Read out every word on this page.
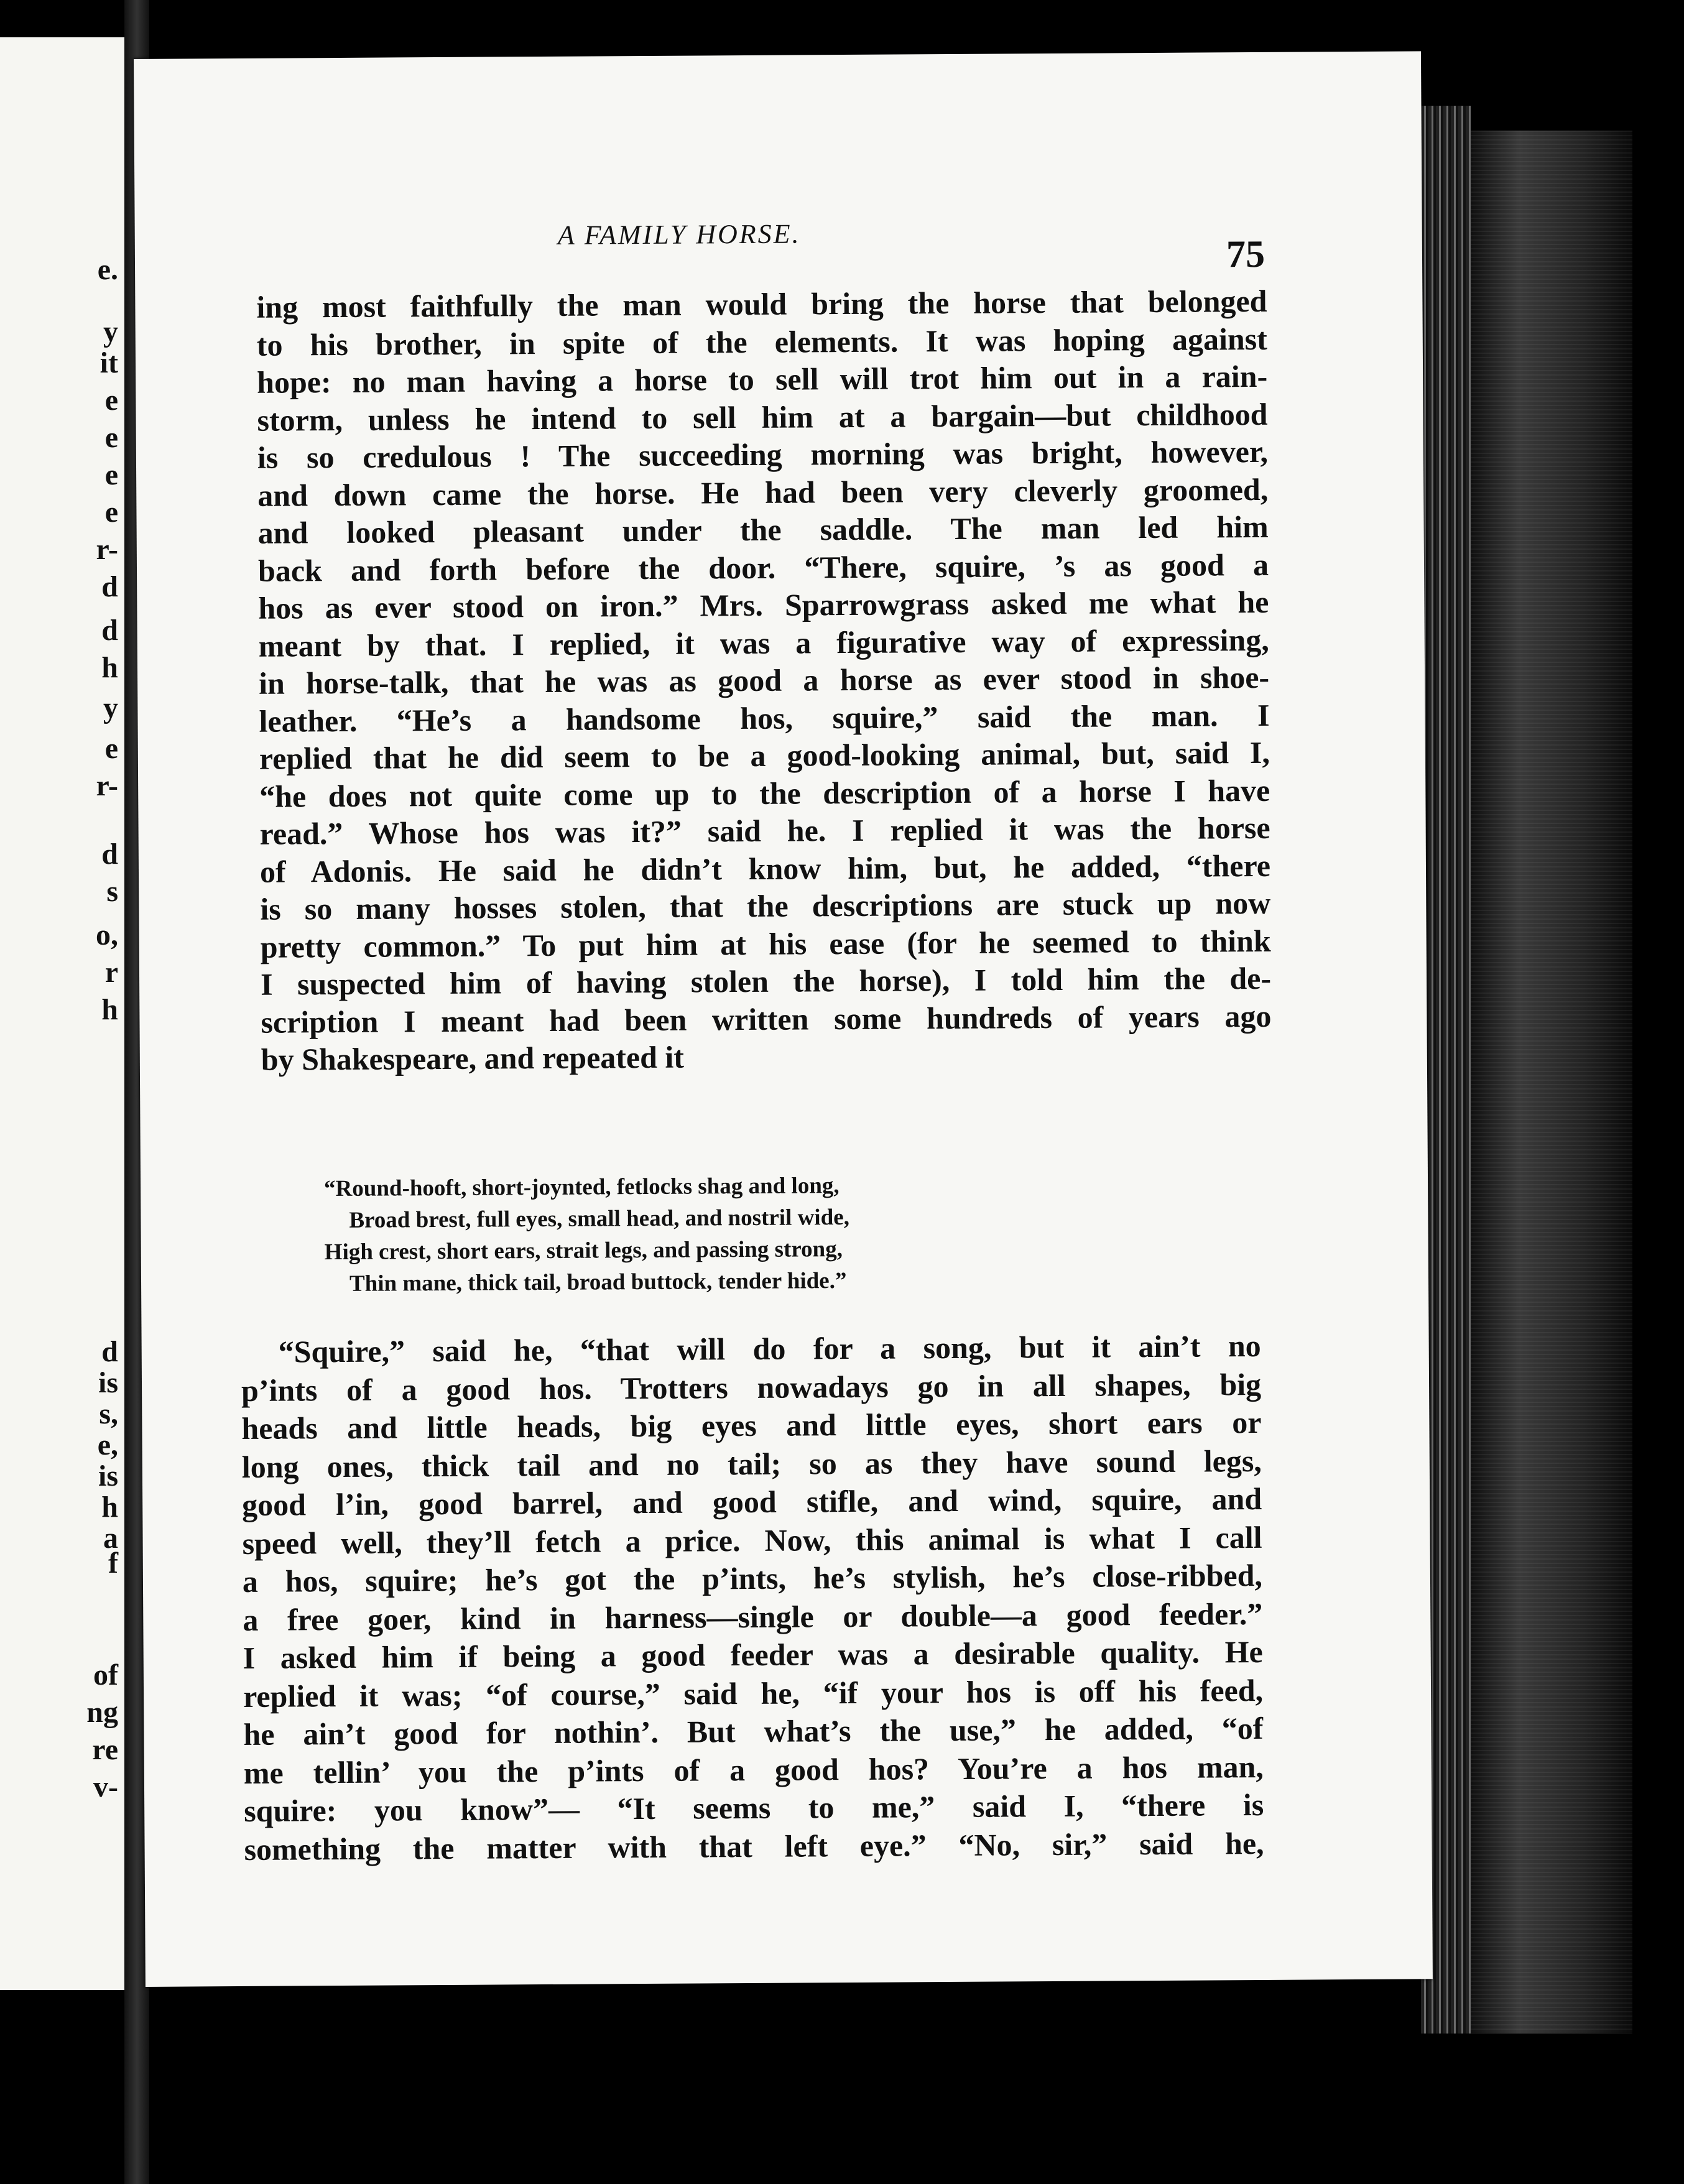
e.
y
it
e
e
e
e
r-
d
d
h
y
e
r-
d
s
o,
r
h
d
is
s,
e,
is
h
a
f
of
ng
re
v-
A FAMILY HORSE.	75
ing most faithfully the man would bring the horse that belonged
to his brother, in spite of the elements. It was hoping against
hope: no man having a horse to sell will trot him out in a rain-
storm, unless he intend to sell him at a bargain—but childhood
is so credulous ! The succeeding morning was bright, however,
and down came the horse. He had been very cleverly groomed,
and looked pleasant under the saddle. The man led him
back and forth before the door. “There, squire, ’s as good a
hos as ever stood on iron.” Mrs. Sparrowgrass asked me what he
meant by that. I replied, it was a figurative way of expressing,
in horse-talk, that he was as good a horse as ever stood in shoe-
leather. “He’s a handsome hos, squire,” said the man. I
replied that he did seem to be a good-looking animal, but, said I,
“he does not quite come up to the description of a horse I have
read.” Whose hos was it?” said he. I replied it was the horse
of Adonis. He said he didn’t know him, but, he added, “there
is so many hosses stolen, that the descriptions are stuck up now
pretty common.” To put him at his ease (for he seemed to think
I suspected him of having stolen the horse), I told him the de-
scription I meant had been written some hundreds of years ago
by Shakespeare, and repeated it
“Round-hooft, short-joynted, fetlocks shag and long,
Broad brest, full eyes, small head, and nostril wide,
High crest, short ears, strait legs, and passing strong,
Thin mane, thick tail, broad buttock, tender hide.”
“Squire,” said he, “that will do for a song, but it ain’t no
p’ints of a good hos. Trotters nowadays go in all shapes, big
heads and little heads, big eyes and little eyes, short ears or
long ones, thick tail and no tail; so as they have sound legs,
good l’in, good barrel, and good stifle, and wind, squire, and
speed well, they’ll fetch a price. Now, this animal is what I call
a hos, squire; he’s got the p’ints, he’s stylish, he’s close-ribbed,
a free goer, kind in harness—single or double—a good feeder.”
I asked him if being a good feeder was a desirable quality. He
replied it was; “of course,” said he, “if your hos is off his feed,
he ain’t good for nothin’. But what’s the use,” he added, “of
me tellin’ you the p’ints of a good hos? You’re a hos man,
squire: you know”— “It seems to me,” said I, “there is
something the matter with that left eye.” “No, sir,” said he,
